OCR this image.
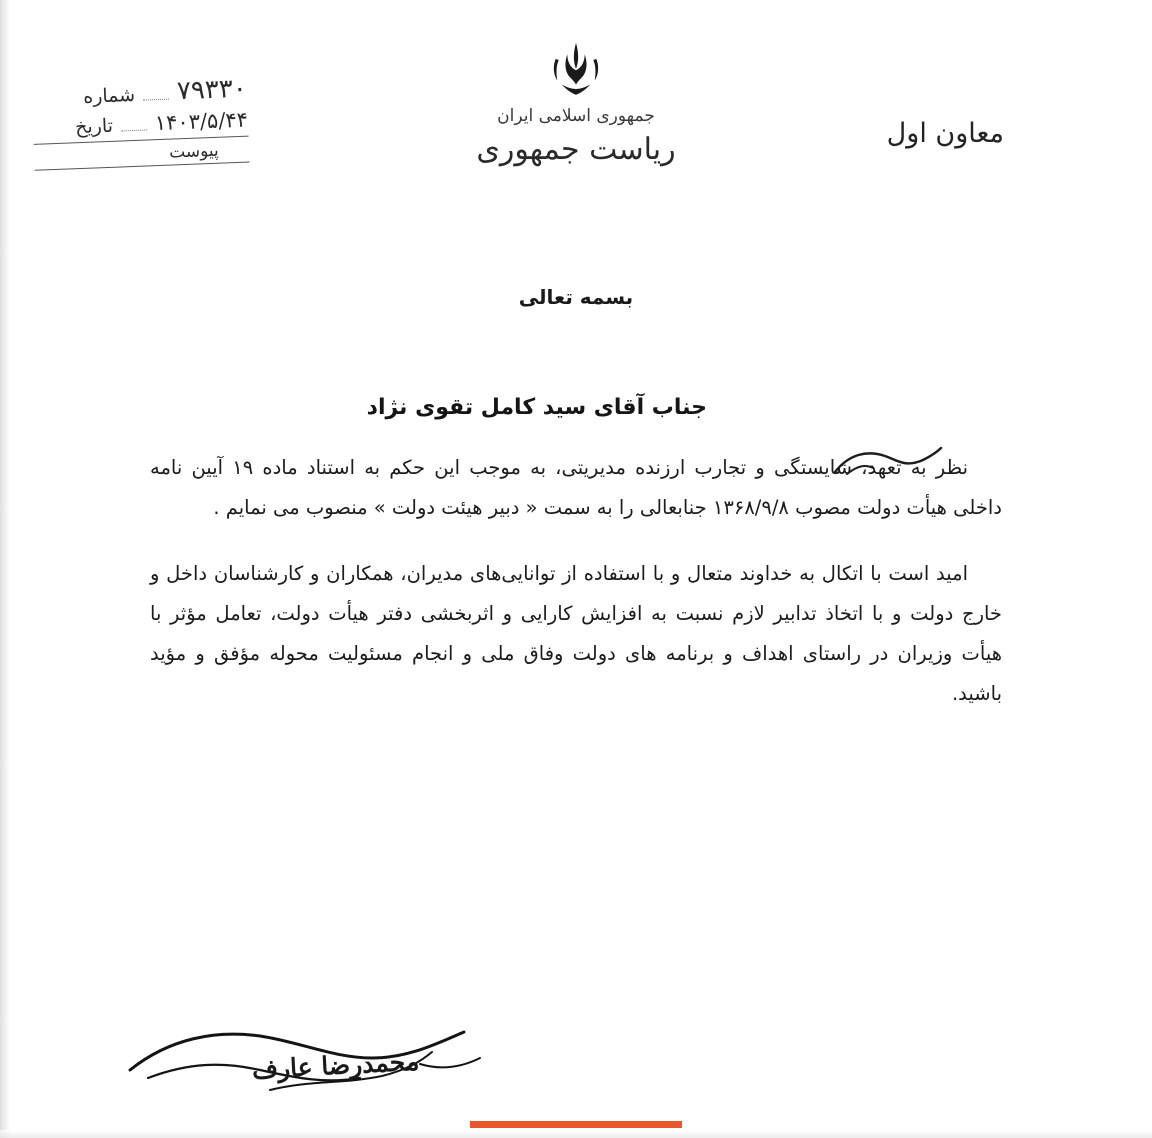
شماره ۷۹۳۳۰
تاریخ ۱۴۰۳/۵/۴۴
پیوست
جمهوری اسلامی ایران
ریاست جمهوری	معاون اول
بسمه تعالی

جناب آقای سید کامل تقوی نژاد

نظر به تعهد، شایستگی و تجارب ارزنده مدیریتی، به موجب این حکم به استناد ماده ۱۹ آیین نامه داخلی هیأت دولت مصوب ۱۳۶۸/۹/۸ جنابعالی را به سمت « دبیر هیئت دولت » منصوب می نمایم .

امید است با اتکال به خداوند متعال و با استفاده از توانایی‌های مدیران، همکاران و کارشناسان داخل و خارج دولت و با اتخاذ تدابیر لازم نسبت به افزایش کارایی و اثربخشی دفتر هیأت دولت، تعامل مؤثر با هیأت وزیران در راستای اهداف و برنامه های دولت وفاق ملی و انجام مسئولیت محوله مؤفق و مؤید باشید.

محمدرضا عارف
